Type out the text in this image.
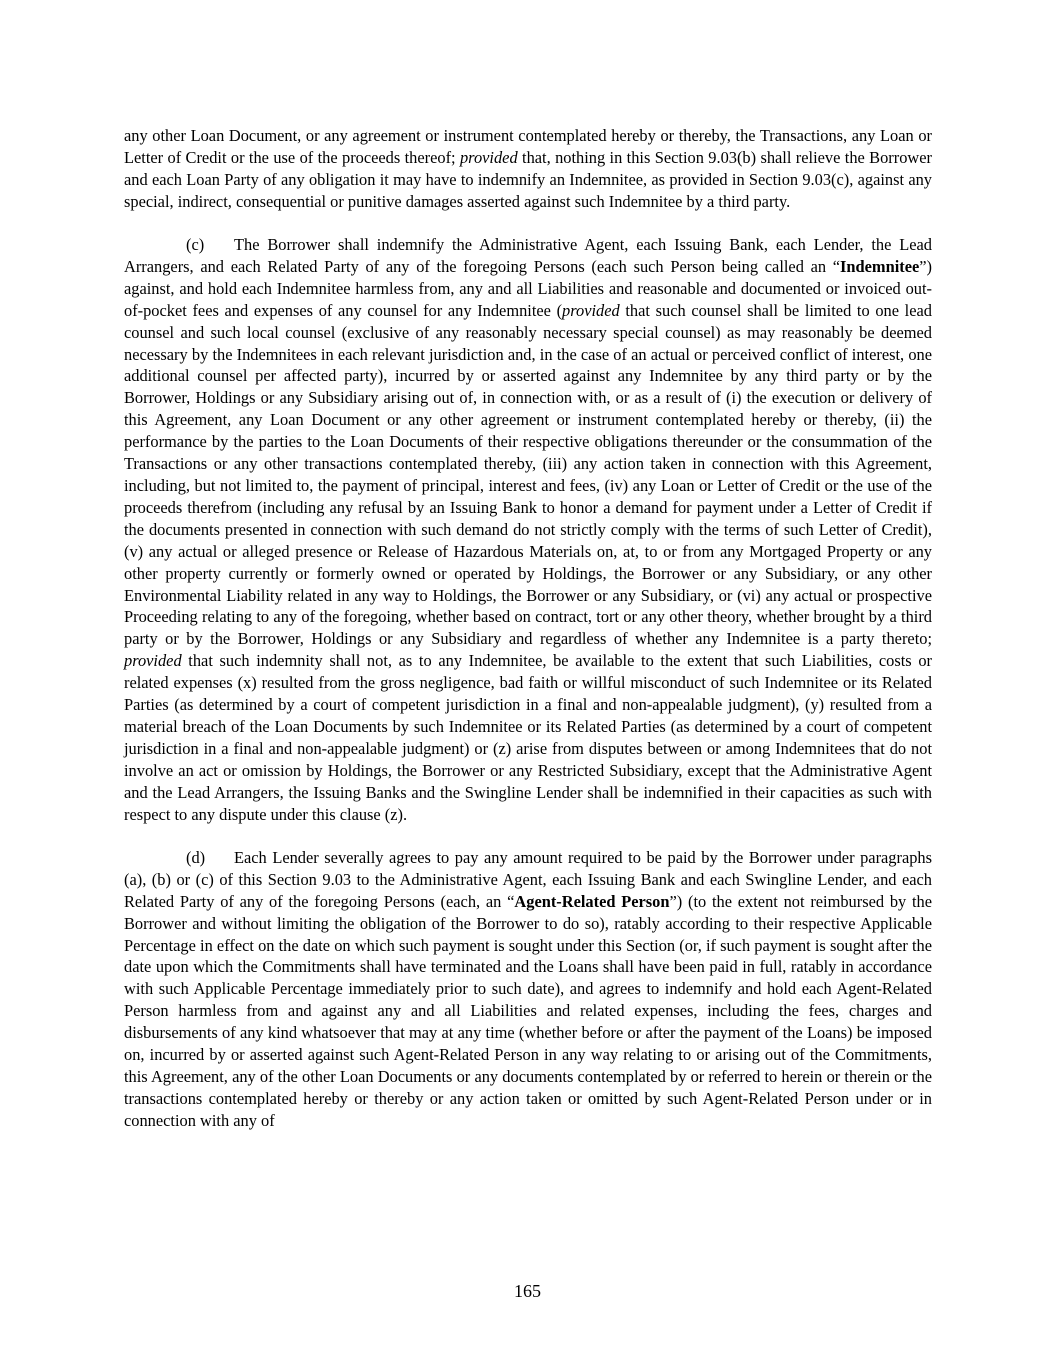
any other Loan Document, or any agreement or instrument contemplated hereby or thereby, the Transactions, any Loan or Letter of Credit or the use of the proceeds thereof; provided that, nothing in this Section 9.03(b) shall relieve the Borrower and each Loan Party of any obligation it may have to indemnify an Indemnitee, as provided in Section 9.03(c), against any special, indirect, consequential or punitive damages asserted against such Indemnitee by a third party.

(c) The Borrower shall indemnify the Administrative Agent, each Issuing Bank, each Lender, the Lead Arrangers, and each Related Party of any of the foregoing Persons (each such Person being called an “Indemnitee”) against, and hold each Indemnitee harmless from, any and all Liabilities and reasonable and documented or invoiced out-of-pocket fees and expenses of any counsel for any Indemnitee (provided that such counsel shall be limited to one lead counsel and such local counsel (exclusive of any reasonably necessary special counsel) as may reasonably be deemed necessary by the Indemnitees in each relevant jurisdiction and, in the case of an actual or perceived conflict of interest, one additional counsel per affected party), incurred by or asserted against any Indemnitee by any third party or by the Borrower, Holdings or any Subsidiary arising out of, in connection with, or as a result of (i) the execution or delivery of this Agreement, any Loan Document or any other agreement or instrument contemplated hereby or thereby, (ii) the performance by the parties to the Loan Documents of their respective obligations thereunder or the consummation of the Transactions or any other transactions contemplated thereby, (iii) any action taken in connection with this Agreement, including, but not limited to, the payment of principal, interest and fees, (iv) any Loan or Letter of Credit or the use of the proceeds therefrom (including any refusal by an Issuing Bank to honor a demand for payment under a Letter of Credit if the documents presented in connection with such demand do not strictly comply with the terms of such Letter of Credit), (v) any actual or alleged presence or Release of Hazardous Materials on, at, to or from any Mortgaged Property or any other property currently or formerly owned or operated by Holdings, the Borrower or any Subsidiary, or any other Environmental Liability related in any way to Holdings, the Borrower or any Subsidiary, or (vi) any actual or prospective Proceeding relating to any of the foregoing, whether based on contract, tort or any other theory, whether brought by a third party or by the Borrower, Holdings or any Subsidiary and regardless of whether any Indemnitee is a party thereto; provided that such indemnity shall not, as to any Indemnitee, be available to the extent that such Liabilities, costs or related expenses (x) resulted from the gross negligence, bad faith or willful misconduct of such Indemnitee or its Related Parties (as determined by a court of competent jurisdiction in a final and non-appealable judgment), (y) resulted from a material breach of the Loan Documents by such Indemnitee or its Related Parties (as determined by a court of competent jurisdiction in a final and non-appealable judgment) or (z) arise from disputes between or among Indemnitees that do not involve an act or omission by Holdings, the Borrower or any Restricted Subsidiary, except that the Administrative Agent and the Lead Arrangers, the Issuing Banks and the Swingline Lender shall be indemnified in their capacities as such with respect to any dispute under this clause (z).

(d) Each Lender severally agrees to pay any amount required to be paid by the Borrower under paragraphs (a), (b) or (c) of this Section 9.03 to the Administrative Agent, each Issuing Bank and each Swingline Lender, and each Related Party of any of the foregoing Persons (each, an “Agent-Related Person”) (to the extent not reimbursed by the Borrower and without limiting the obligation of the Borrower to do so), ratably according to their respective Applicable Percentage in effect on the date on which such payment is sought under this Section (or, if such payment is sought after the date upon which the Commitments shall have terminated and the Loans shall have been paid in full, ratably in accordance with such Applicable Percentage immediately prior to such date), and agrees to indemnify and hold each Agent-Related Person harmless from and against any and all Liabilities and related expenses, including the fees, charges and disbursements of any kind whatsoever that may at any time (whether before or after the payment of the Loans) be imposed on, incurred by or asserted against such Agent-Related Person in any way relating to or arising out of the Commitments, this Agreement, any of the other Loan Documents or any documents contemplated by or referred to herein or therein or the transactions contemplated hereby or thereby or any action taken or omitted by such Agent-Related Person under or in connection with any of

165
